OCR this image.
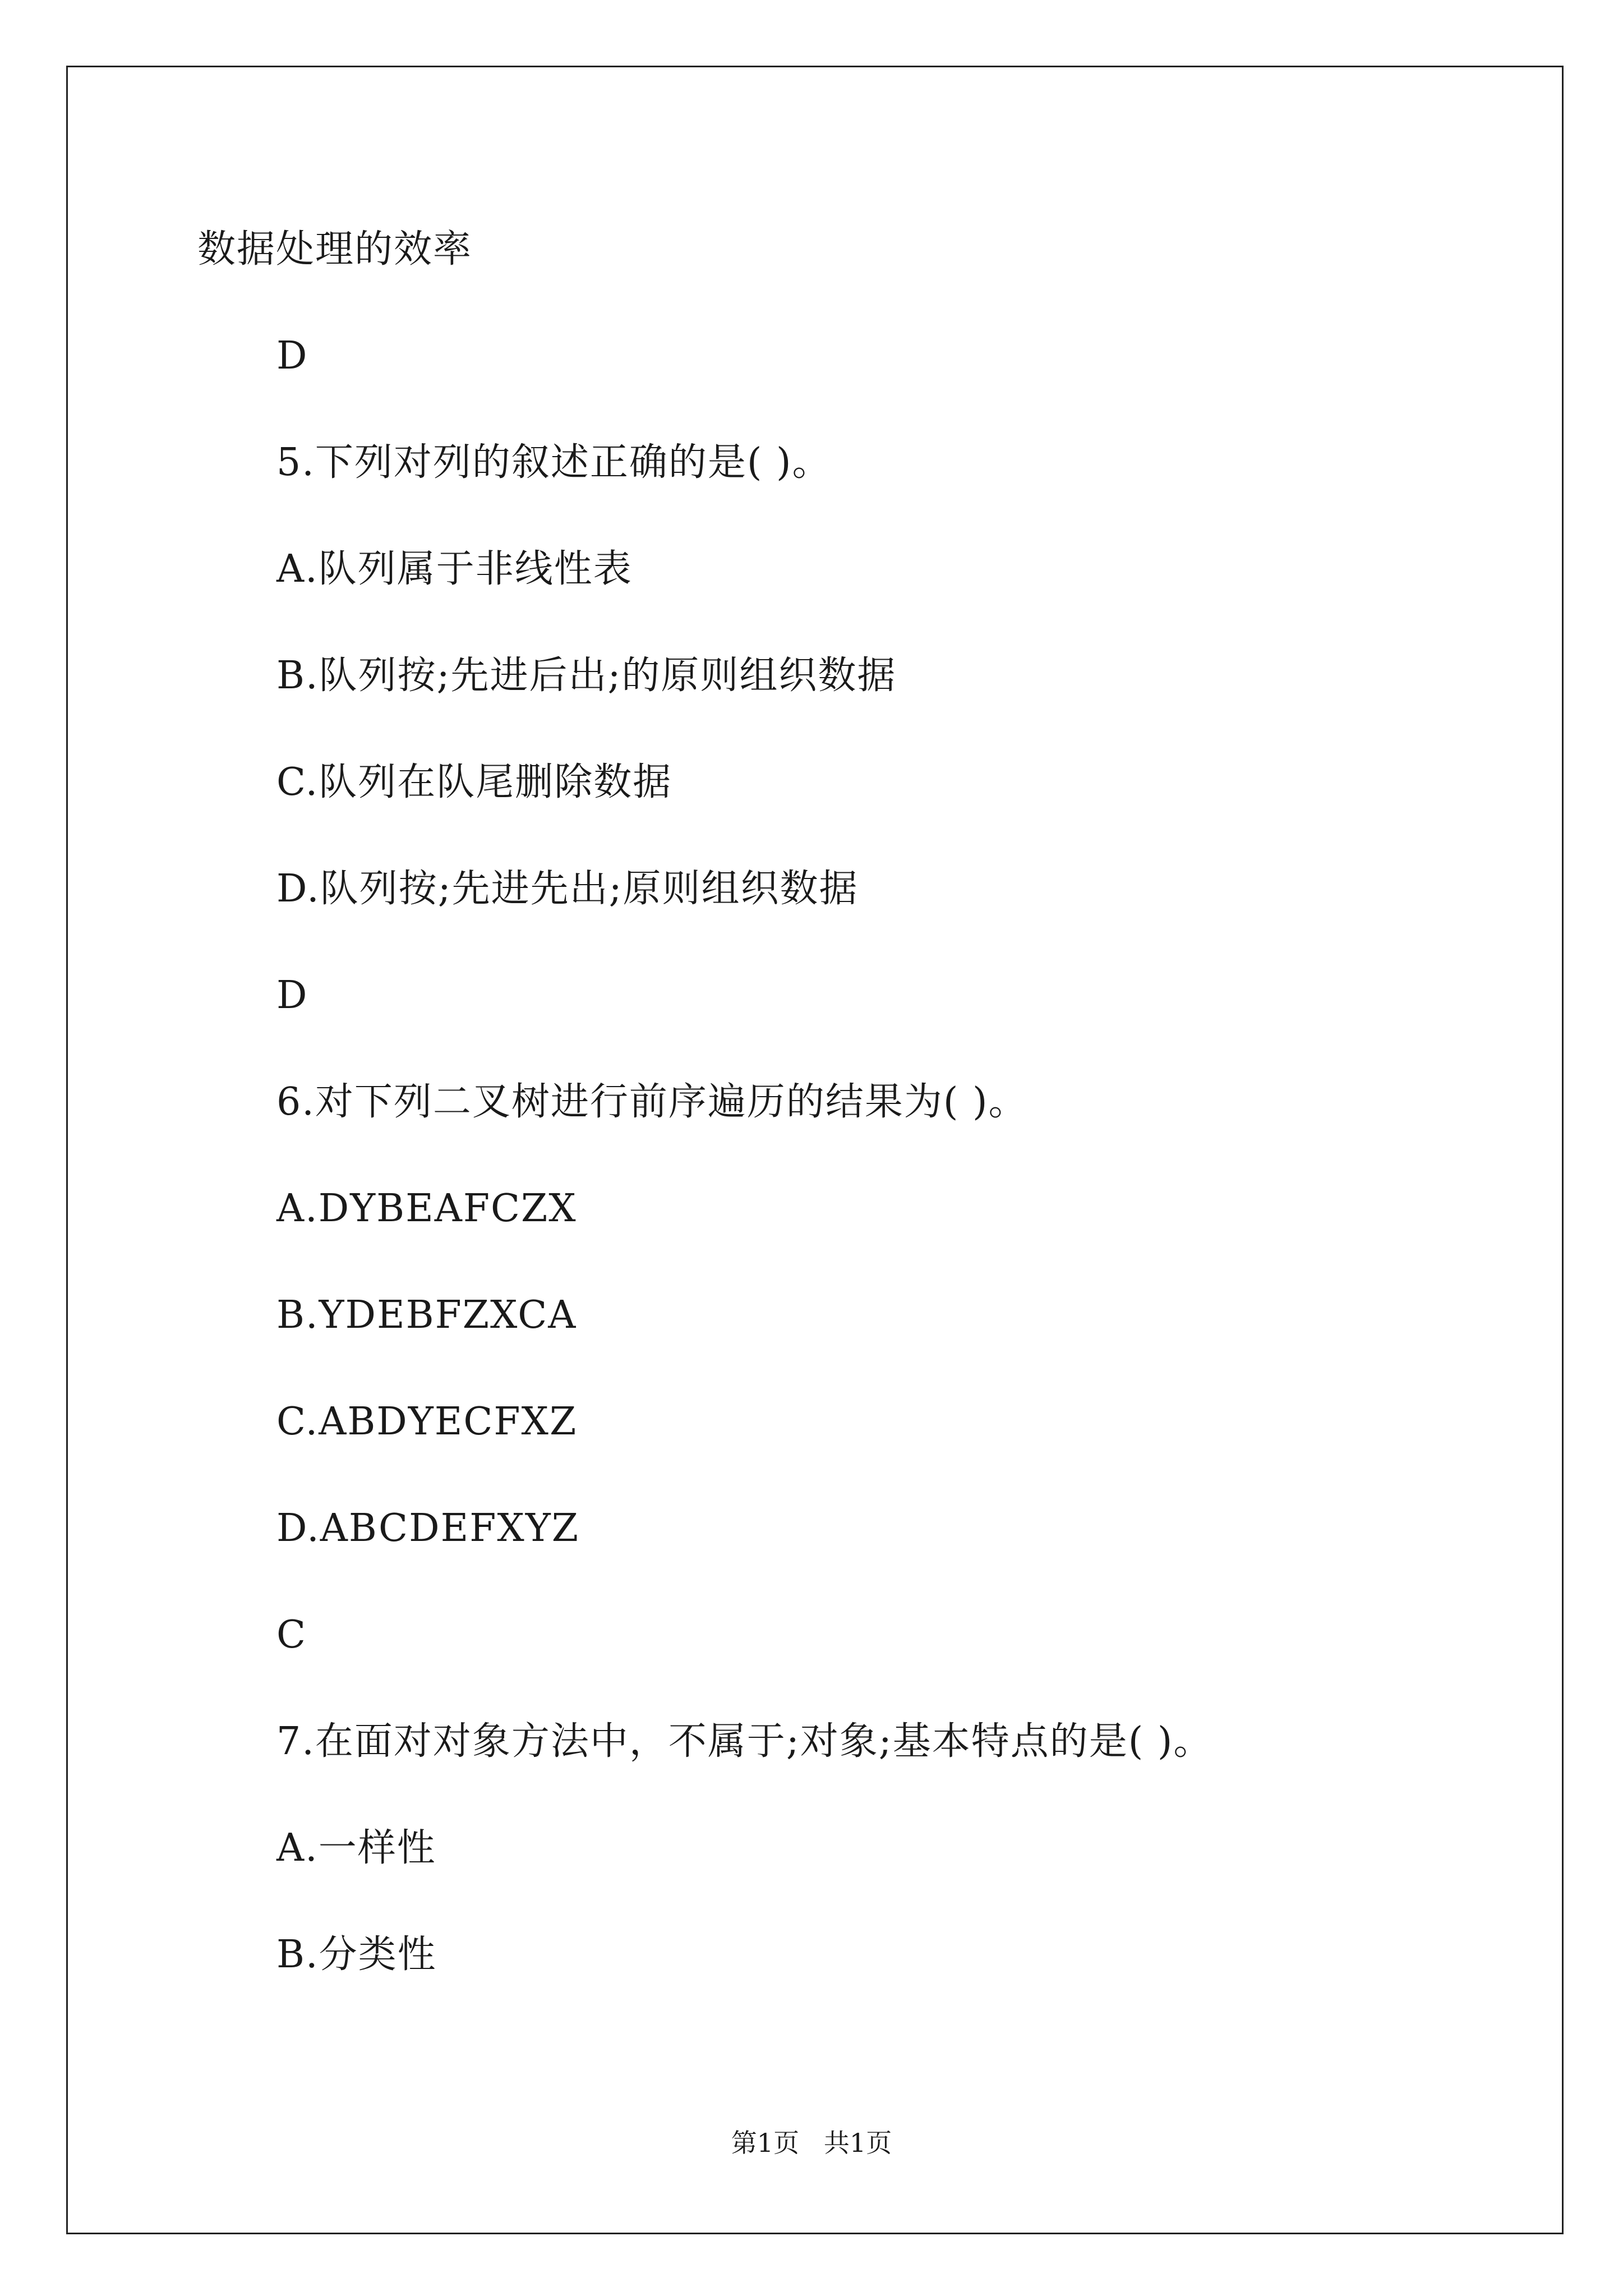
数据处理的效率
D
5.下列对列的叙述正确的是( )。
A.队列属于非线性表
B.队列按;先进后出;的原则组织数据
C.队列在队尾删除数据
D.队列按;先进先出;原则组织数据
D
6.对下列二叉树进行前序遍历的结果为( )。
A.DYBEAFCZX
B.YDEBFZXCA
C.ABDYECFXZ
D.ABCDEFXYZ
C
7.在面对对象方法中，不属于;对象;基本特点的是( )。
A.一样性
B.分类性
第1页   共1页
